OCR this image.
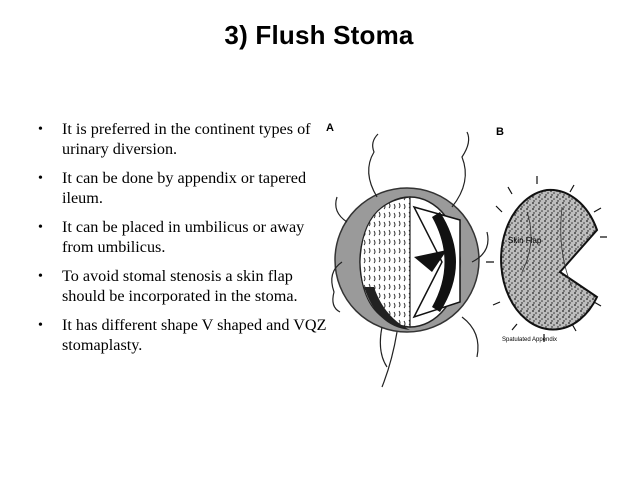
3) Flush Stoma
• It is preferred in the continent types of urinary diversion.
• It can be done by appendix or tapered ileum.
• It can be placed in umbilicus or away from umbilicus.
• To avoid stomal stenosis a skin flap should be incorporated in the stoma.
• It has different shape V shaped and VQZ stomaplasty.
A	B
Skin Flap
Spatulated Appendix
